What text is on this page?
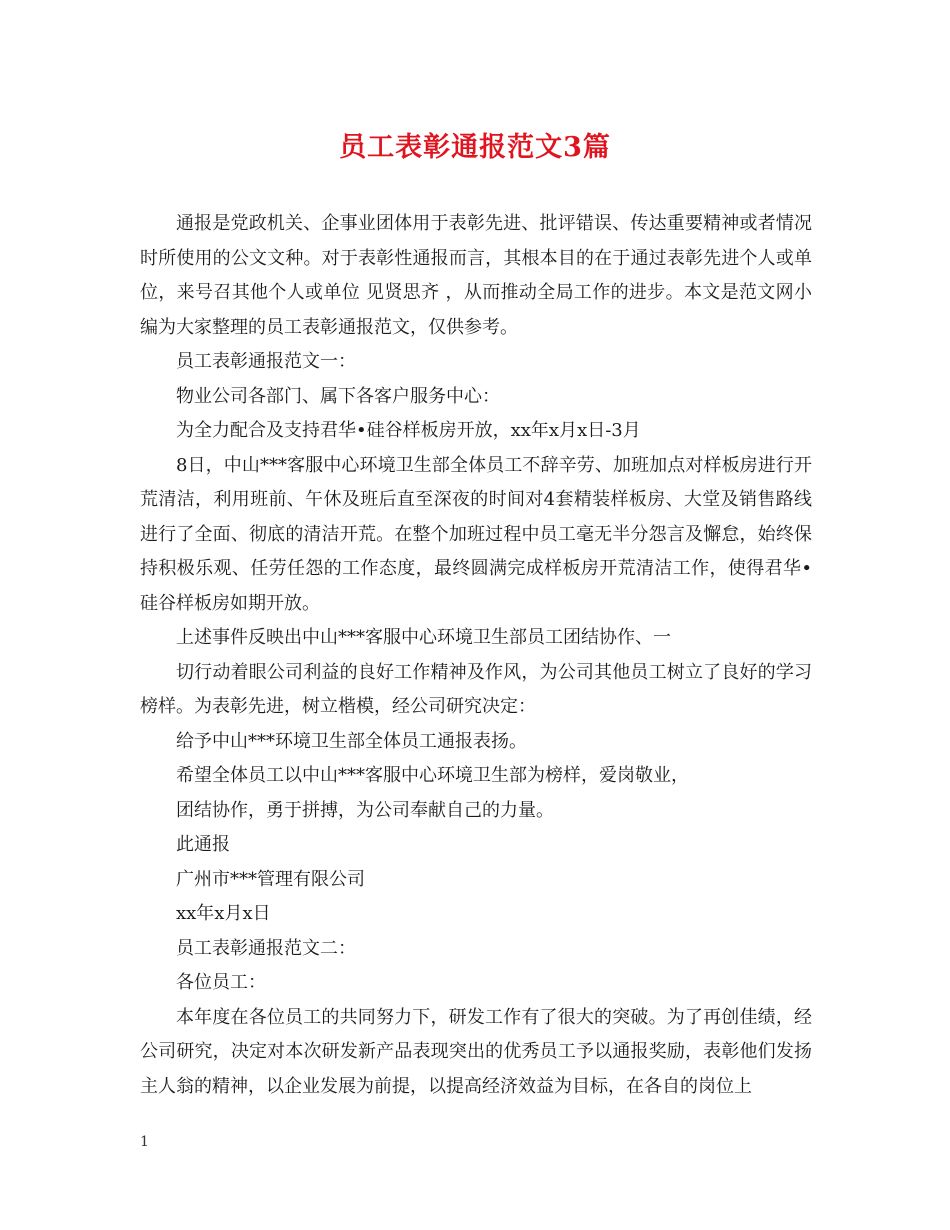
员工表彰通报范文3篇

通报是党政机关、企事业团体用于表彰先进、批评错误、传达重要精神或者情况时所使用的公文文种。对于表彰性通报而言，其根本目的在于通过表彰先进个人或单位，来号召其他个人或单位 见贤思齐 ，从而推动全局工作的进步。本文是范文网小编为大家整理的员工表彰通报范文，仅供参考。

员工表彰通报范文一：

物业公司各部门、属下各客户服务中心：

为全力配合及支持君华•硅谷样板房开放，xx年x月x日-3月

8日，中山***客服中心环境卫生部全体员工不辞辛劳、加班加点对样板房进行开荒清洁，利用班前、午休及班后直至深夜的时间对4套精装样板房、大堂及销售路线进行了全面、彻底的清洁开荒。在整个加班过程中员工毫无半分怨言及懈怠，始终保持积极乐观、任劳任怨的工作态度，最终圆满完成样板房开荒清洁工作，使得君华•硅谷样板房如期开放。

上述事件反映出中山***客服中心环境卫生部员工团结协作、一

切行动着眼公司利益的良好工作精神及作风，为公司其他员工树立了良好的学习榜样。为表彰先进，树立楷模，经公司研究决定：

给予中山***环境卫生部全体员工通报表扬。

希望全体员工以中山***客服中心环境卫生部为榜样，爱岗敬业，

团结协作，勇于拼搏，为公司奉献自己的力量。

此通报

广州市***管理有限公司

xx年x月x日

员工表彰通报范文二：

各位员工：

本年度在各位员工的共同努力下，研发工作有了很大的突破。为了再创佳绩，经公司研究，决定对本次研发新产品表现突出的优秀员工予以通报奖励，表彰他们发扬主人翁的精神，以企业发展为前提，以提高经济效益为目标，在各自的岗位上

1
